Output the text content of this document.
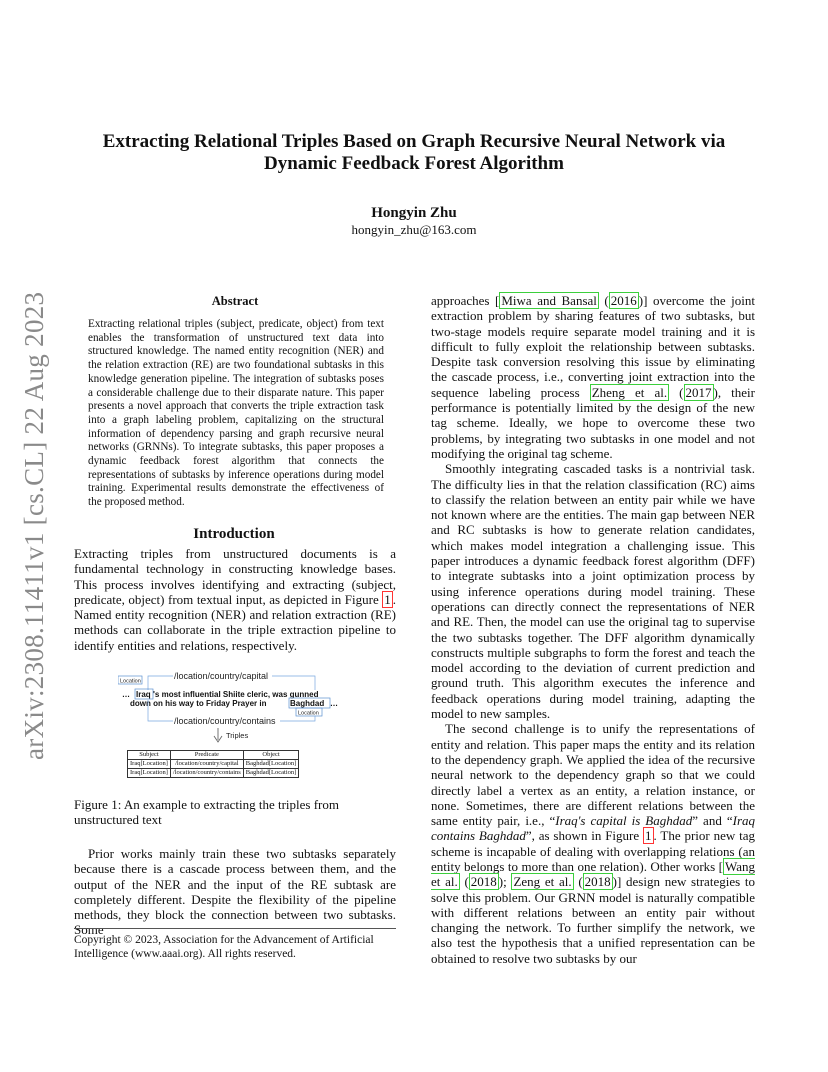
arXiv:2308.11411v1 [cs.CL] 22 Aug 2023
Extracting Relational Triples Based on Graph Recursive Neural Network via
Dynamic Feedback Forest Algorithm
Hongyin Zhu
hongyin_zhu@163.com
Abstract
Extracting relational triples (subject, predicate, object) from text enables the transformation of unstructured text data into structured knowledge. The named entity recognition (NER) and the relation extraction (RE) are two foundational subtasks in this knowledge generation pipeline. The integration of subtasks poses a considerable challenge due to their disparate nature. This paper presents a novel approach that converts the triple extraction task into a graph labeling problem, capitalizing on the structural information of dependency parsing and graph recursive neural networks (GRNNs). To integrate subtasks, this paper proposes a dynamic feedback forest algorithm that connects the representations of subtasks by inference operations during model training. Experimental results demonstrate the effectiveness of the proposed method.
Introduction
Extracting triples from unstructured documents is a fundamental technology in constructing knowledge bases. This process involves identifying and extracting (subject, predicate, object) from textual input, as depicted in Figure 1 . Named entity recognition (NER) and relation extraction (RE) methods can collaborate in the triple extraction pipeline to identify entities and relations, respectively.
Location
/location/country/capital
… Iraq 's most influential Shiite cleric, was gunned
down on his way to Friday Prayer in	Baghdad …
Location
/location/country/contains
Triples
Subject	Predicate	Object
Iraq[Location]	/location/country/capital	Baghdad[Location]
Iraq[Location]	/location/country/contains	Baghdad[Location]
Figure 1: An example to extracting the triples from unstructured text
Prior works mainly train these two subtasks separately because there is a cascade process between them, and the output of the NER and the input of the RE subtask are completely different. Despite the flexibility of the pipeline methods, they block the connection between two subtasks. Some
Copyright © 2023, Association for the Advancement of Artificial Intelligence (www.aaai.org). All rights reserved.

approaches [ Miwa and Bansal ( 2016 )] overcome the joint extraction problem by sharing features of two subtasks, but two-stage models require separate model training and it is difficult to fully exploit the relationship between subtasks. Despite task conversion resolving this issue by eliminating the cascade process, i.e., converting joint extraction into the sequence labeling process Zheng et al. ( 2017 ), their performance is potentially limited by the design of the new tag scheme. Ideally, we hope to overcome these two problems, by integrating two subtasks in one model and not modifying the original tag scheme.

Smoothly integrating cascaded tasks is a nontrivial task. The difficulty lies in that the relation classification (RC) aims to classify the relation between an entity pair while we have not known where are the entities. The main gap between NER and RC subtasks is how to generate relation candidates, which makes model integration a challenging issue. This paper introduces a dynamic feedback forest algorithm (DFF) to integrate subtasks into a joint optimization process by using inference operations during model training. These operations can directly connect the representations of NER and RE. Then, the model can use the original tag to supervise the two subtasks together. The DFF algorithm dynamically constructs multiple subgraphs to form the forest and teach the model according to the deviation of current prediction and ground truth. This algorithm executes the inference and feedback operations during model training, adapting the model to new samples.

The second challenge is to unify the representations of entity and relation. This paper maps the entity and its relation to the dependency graph. We applied the idea of the recursive neural network to the dependency graph so that we could directly label a vertex as an entity, a relation instance, or none. Sometimes, there are different relations between the same entity pair, i.e., “Iraq's capital is Baghdad” and “Iraq contains Baghdad”, as shown in Figure 1 . The prior new tag scheme is incapable of dealing with overlapping relations (an entity belongs to more than one relation). Other works [ Wang et al. ( 2018 ); Zeng et al. ( 2018 )] design new strategies to solve this problem. Our GRNN model is naturally compatible with different relations between an entity pair without changing the network. To further simplify the network, we also test the hypothesis that a unified representation can be obtained to resolve two subtasks by our
